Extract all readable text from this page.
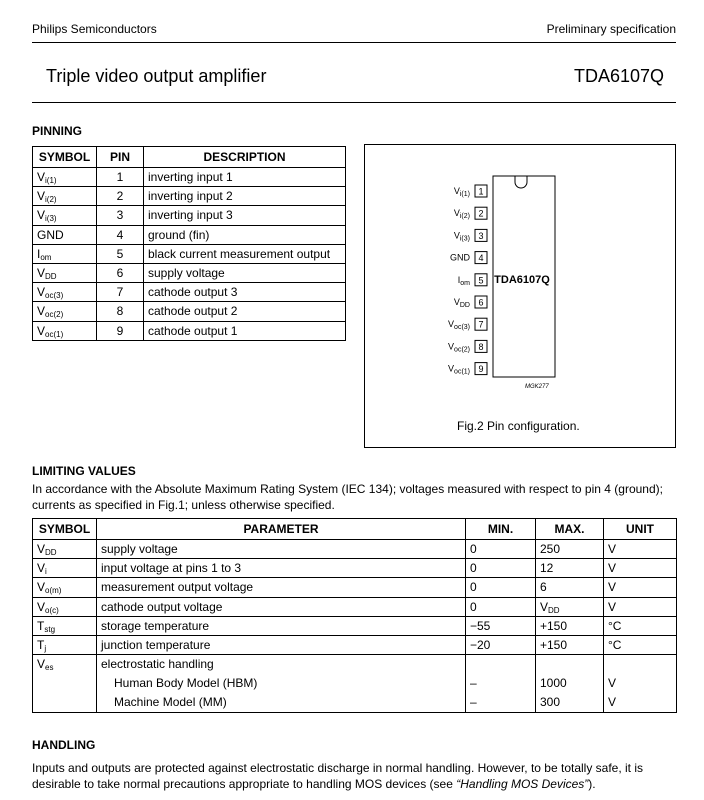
Philips Semiconductors	Preliminary specification
Triple video output amplifier	TDA6107Q
PINNING
SYMBOL	PIN	DESCRIPTION
$V_{i(1)}$	1	inverting input 1
$V_{i(2)}$	2	inverting input 2
$V_{i(3)}$	3	inverting input 3
GND	4	ground (fin)
$I_{om}$	5	black current measurement output
$V_{DD}$	6	supply voltage
$V_{oc(3)}$	7	cathode output 3
$V_{oc(2)}$	8	cathode output 2
$V_{oc(1)}$	9	cathode output 1
1
$V_{i(1)}$
2
$V_{i(2)}$
3
$V_{i(3)}$
4
GND
5
$I_{om}$
6
$V_{DD}$
7
$V_{oc(3)}$
8
$V_{oc(2)}$
9
$V_{oc(1)}$
TDA6107Q
MGK277
Fig.2 Pin configuration.
LIMITING VALUES
In accordance with the Absolute Maximum Rating System (IEC 134); voltages measured with respect to pin 4 (ground); currents as specified in Fig.1; unless otherwise specified.
SYMBOL	PARAMETER	MIN.	MAX.	UNIT
$V_{DD}$	supply voltage	0	250	V
$V_i$	input voltage at pins 1 to 3	0	12	V
$V_{o(m)}$	measurement output voltage	0	6	V
$V_{o(c)}$	cathode output voltage	0	$V_{DD}$	V
$T_{stg}$	storage temperature	−55	+150	°C
$T_j$	junction temperature	−20	+150	°C
$V_{es}$	electrostatic handling			
	Human Body Model (HBM)	–	1000	V
	Machine Model (MM)	–	300	V
HANDLING
Inputs and outputs are protected against electrostatic discharge in normal handling. However, to be totally safe, it is desirable to take normal precautions appropriate to handling MOS devices (see “Handling MOS Devices”).
